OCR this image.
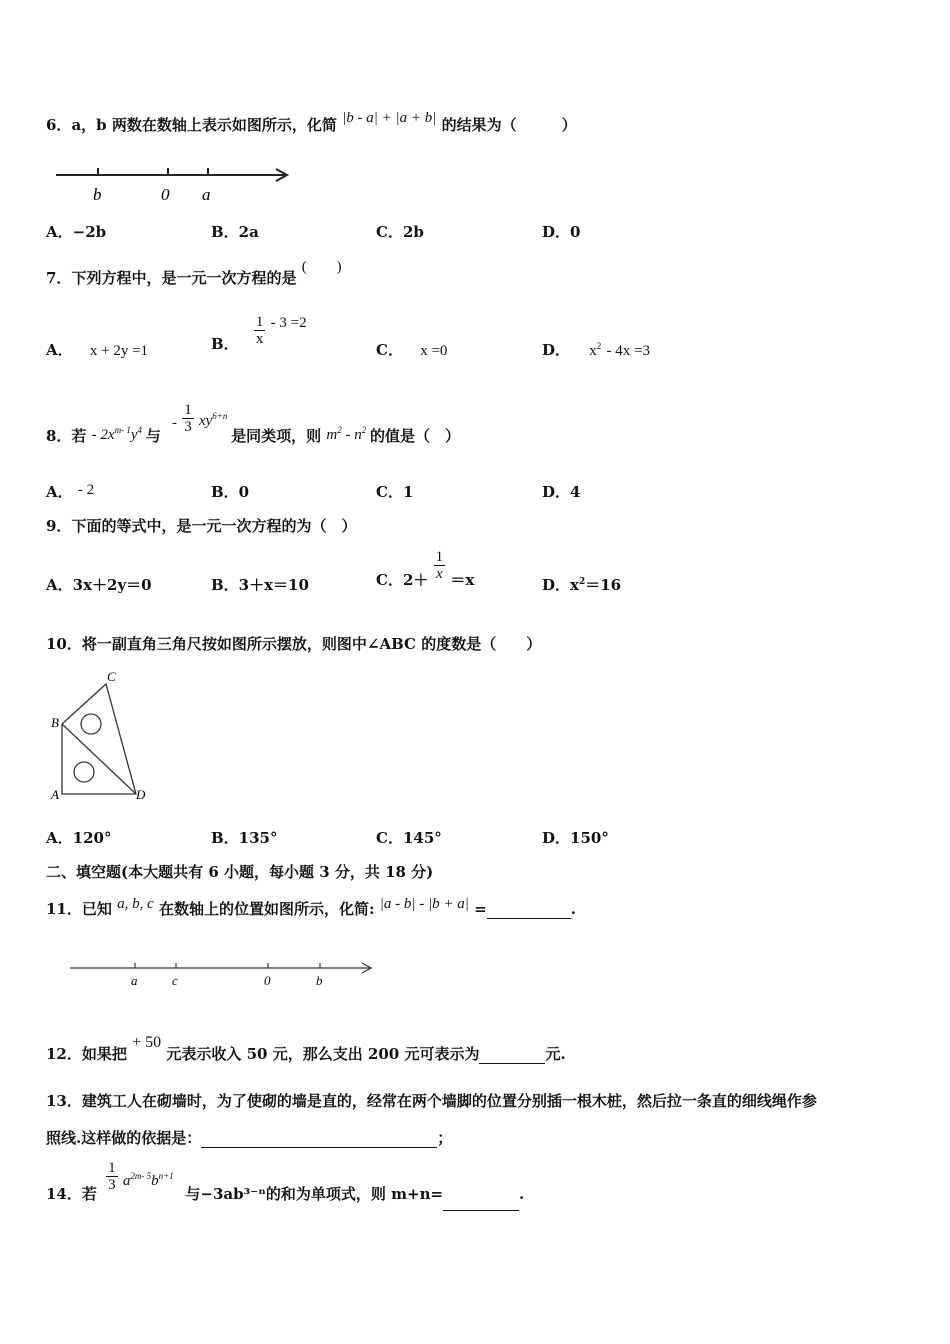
6．a，b 两数在数轴上表示如图所示，化简 |b - a| + |a + b| 的结果为（　　　）
b	0 a
A．−2b	B．2a	C．2b	D．0
7．下列方程中，是一元一次方程的是 (　　)
A． x + 2y =1	B． $\frac{1}{x} - 3 =2$
C． x =0	D． $x^2 - 4x =3$
8．若 - $2x^{m- 1}y^4$ 与 - $\frac{1}{3} xy^{6+n}$ 是同类项，则 $m^2 - n^2$ 的值是（　）
A． - 2	B．0	C．1	D．4
9．下面的等式中，是一元一次方程的为（　）
A．3x＋2y＝0	B．3＋x＝10	C．$2+ \frac{1}{x} =x$	D．$x^2=16$
10．将一副直角三角尺按如图所示摆放，则图中∠ABC 的度数是（　　）
A
B
C
D
A．120°	B．135°	C．145°	D．150°
二、填空题(本大题共有 6 小题，每小题 3 分，共 18 分)
11．已知 a, b, c 在数轴上的位置如图所示，化简: |a - b| - |b + a| =	.
a	c	0	b
12．如果把 + 50 元表示收入 50 元，那么支出 200 元可表示为	元.
13．建筑工人在砌墙时，为了使砌的墙是直的，经常在两个墙脚的位置分别插一根木桩，然后拉一条直的细线绳作参
照线.这样做的依据是：	；
14．若
$\frac{1}{3} a^{2m- 5}b^{n+1}$ 与−3ab³⁻ⁿ的和为单项式，则 m+n=	.
